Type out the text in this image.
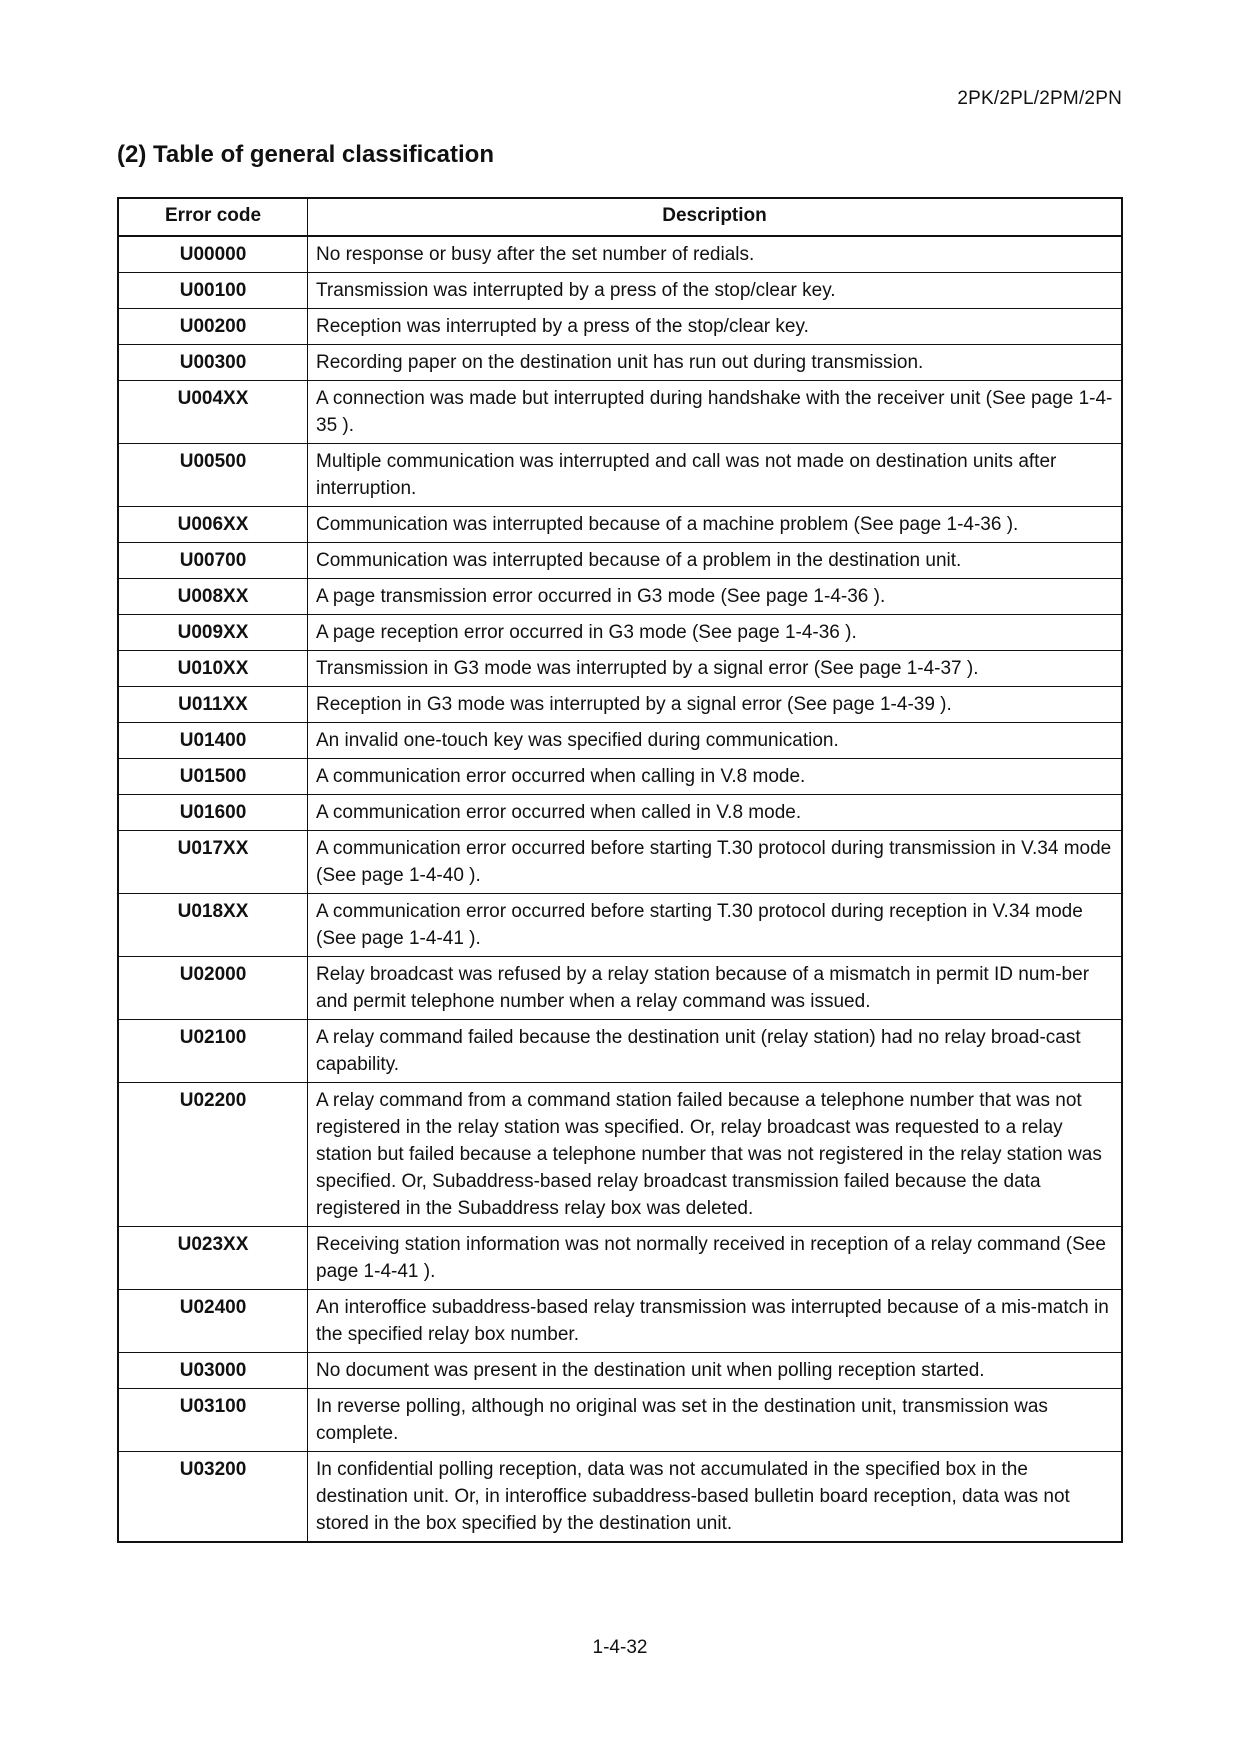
2PK/2PL/2PM/2PN
(2) Table of general classification
Error code	Description
U00000	No response or busy after the set number of redials.
U00100	Transmission was interrupted by a press of the stop/clear key.
U00200	Reception was interrupted by a press of the stop/clear key.
U00300	Recording paper on the destination unit has run out during transmission.
U004XX	A connection was made but interrupted during handshake with the receiver unit (See page 1-4-35 ).
U00500	Multiple communication was interrupted and call was not made on destination units after interruption.
U006XX	Communication was interrupted because of a machine problem (See page 1-4-36 ).
U00700	Communication was interrupted because of a problem in the destination unit.
U008XX	A page transmission error occurred in G3 mode (See page 1-4-36 ).
U009XX	A page reception error occurred in G3 mode (See page 1-4-36 ).
U010XX	Transmission in G3 mode was interrupted by a signal error (See page 1-4-37 ).
U011XX	Reception in G3 mode was interrupted by a signal error (See page 1-4-39 ).
U01400	An invalid one-touch key was specified during communication.
U01500	A communication error occurred when calling in V.8 mode.
U01600	A communication error occurred when called in V.8 mode.
U017XX	A communication error occurred before starting T.30 protocol during transmission in V.34 mode (See page 1-4-40 ).
U018XX	A communication error occurred before starting T.30 protocol during reception in V.34 mode (See page 1-4-41 ).
U02000	Relay broadcast was refused by a relay station because of a mismatch in permit ID num-ber and permit telephone number when a relay command was issued.
U02100	A relay command failed because the destination unit (relay station) had no relay broad-cast capability.
U02200	A relay command from a command station failed because a telephone number that was not registered in the relay station was specified. Or, relay broadcast was requested to a relay station but failed because a telephone number that was not registered in the relay station was specified. Or, Subaddress-based relay broadcast transmission failed because the data registered in the Subaddress relay box was deleted.
U023XX	Receiving station information was not normally received in reception of a relay command (See page 1-4-41 ).
U02400	An interoffice subaddress-based relay transmission was interrupted because of a mis-match in the specified relay box number.
U03000	No document was present in the destination unit when polling reception started.
U03100	In reverse polling, although no original was set in the destination unit, transmission was complete.
U03200	In confidential polling reception, data was not accumulated in the specified box in the destination unit. Or, in interoffice subaddress-based bulletin board reception, data was not stored in the box specified by the destination unit.
1-4-32
